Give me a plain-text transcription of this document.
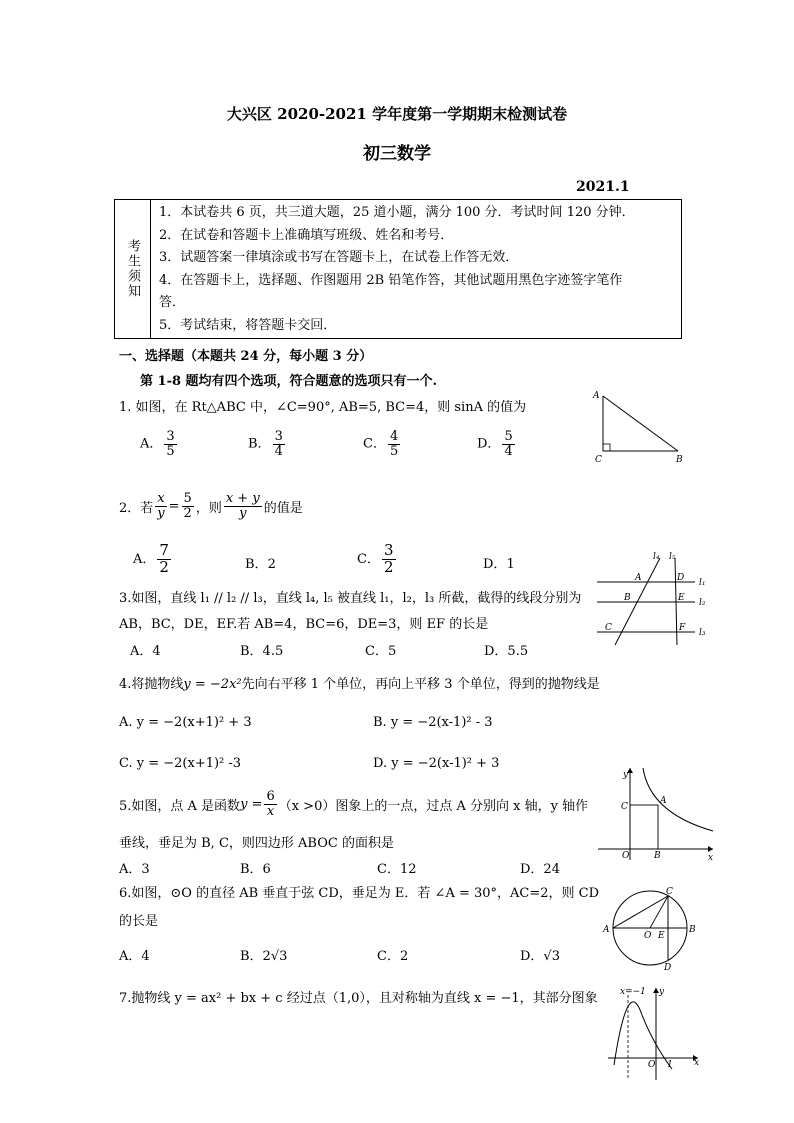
大兴区 2020-2021 学年度第一学期期末检测试卷
初三数学
2021.1
考生须知
1．本试卷共 6 页，共三道大题，25 道小题，满分 100 分．考试时间 120 分钟．
2．在试卷和答题卡上准确填写班级、姓名和考号．
3．试题答案一律填涂或书写在答题卡上，在试卷上作答无效．
4．在答题卡上，选择题、作图题用 2B 铅笔作答，其他试题用黑色字迹签字笔作
答．
5．考试结束，将答题卡交回．
一、选择题（本题共 24 分，每小题 3 分）
第 1-8 题均有四个选项，符合题意的选项只有一个.
1. 如图，在 Rt△ABC 中，∠C=90°, AB=5, BC=4，则 sinA 的值为
A． $\frac{3}{5}$	B． $\frac{3}{4}$	C． $\frac{4}{5}$	D． $\frac{5}{4}$
A
C	B
2．若 $\frac{x}{y} = \frac{5}{2}$ ，则 $\frac{x + y}{y}$ 的值是
A． $\frac{7}{2}$	B．2	C． $\frac{3}{2}$	D．1
3.如图，直线 l₁ // l₂ // l₃，直线 l₄, l₅ 被直线 l₁，l₂，l₃ 所截，截得的线段分别为
AB，BC，DE，EF.若 AB=4，BC=6，DE=3，则 EF 的长是
A．4	B．4.5	C．5	D．5.5
l₄ l₅
l₁
l₂
l₃
A
B
C
D
E
F
4.将抛物线y = −2x²先向右平移 1 个单位，再向上平移 3 个单位，得到的抛物线是
A. y = −2(x+1)² + 3	B. y = −2(x-1)² - 3
C. y = −2(x+1)² -3	D. y = −2(x-1)² + 3
5.如图，点 A 是函数 $y = \frac{6}{x} (x >0)$图象上的一点，过点 A 分别向 x 轴，y 轴作
垂线，垂足为 B, C，则四边形 ABOC 的面积是
A．3	B．6	C．12	D．24
y
x
O
A
B
C
6.如图，⊙O 的直径 AB 垂直于弦 CD，垂足为 E．若 ∠A = 30°，AC=2，则 CD
的长是
A．4	B．2√3	C．2	D．√3
A	B
C
D
O E
7.抛物线 y = ax² + bx + c 经过点（1,0），且对称轴为直线 x = −1，其部分图象 x=−1 y
x
O 1
